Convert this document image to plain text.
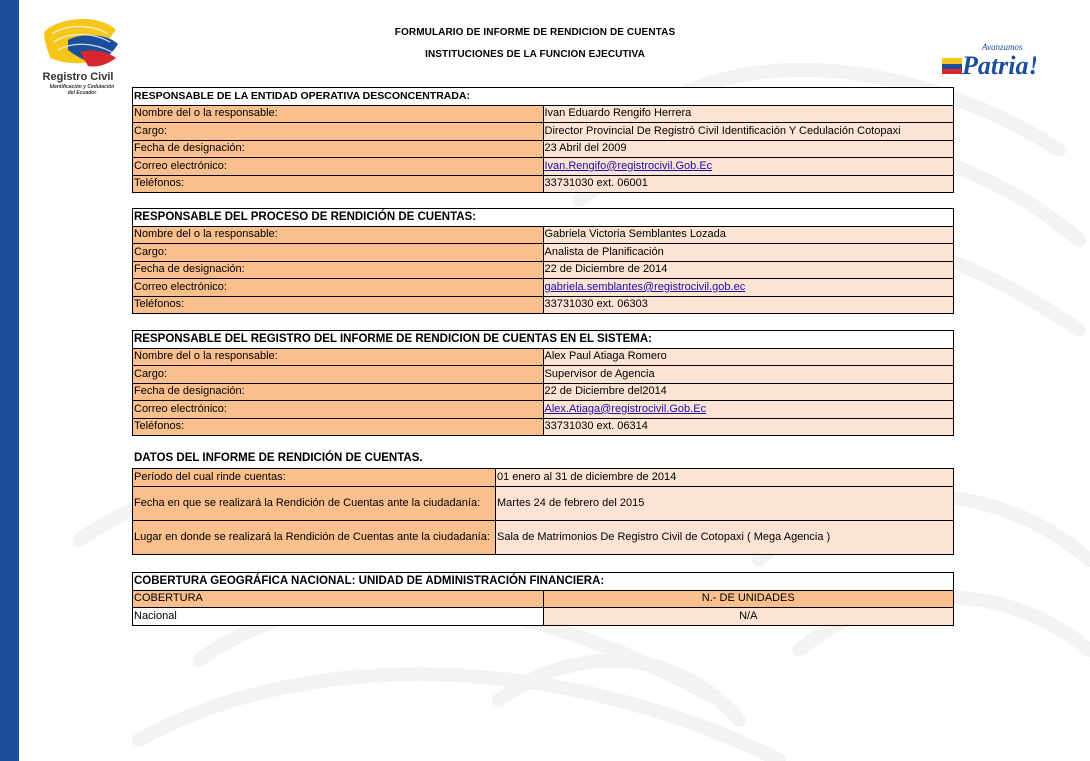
Registro Civil
Identificación y Cedulación
del Ecuador
FORMULARIO DE INFORME DE RENDICION DE CUENTAS
INSTITUCIONES DE LA FUNCION EJECUTIVA
Avanzamos
Patria!
RESPONSABLE DE LA ENTIDAD OPERATIVA DESCONCENTRADA:	
Nombre del o la responsable:	Ivan Eduardo Rengifo Herrera
Cargo:	Director Provincial De Registró Civil Identificación Y Cedulación Cotopaxi
Fecha de designación:	23 Abril del 2009
Correo electrónico:	Ivan.Rengifo@registrocivil.Gob.Ec
Teléfonos:	33731030 ext. 06001
RESPONSABLE DEL PROCESO DE RENDICIÓN DE CUENTAS:	
Nombre del o la responsable:	Gabriela Victoria Semblantes Lozada
Cargo:	Analista de Planificación
Fecha de designación:	22 de Diciembre de 2014
Correo electrónico:	gabriela.semblantes@registrocivil.gob.ec
Teléfonos:	33731030 ext. 06303
RESPONSABLE DEL REGISTRO DEL INFORME DE RENDICION DE CUENTAS EN EL SISTEMA:	
Nombre del o la responsable:	Alex Paul Atiaga Romero
Cargo:	Supervisor de Agencia
Fecha de designación:	22 de Diciembre del2014
Correo electrónico:	Alex.Atiaga@registrocivil.Gob.Ec
Teléfonos:	33731030 ext. 06314
DATOS DEL INFORME DE RENDICIÓN DE CUENTAS.
Período del cual rinde cuentas:	01 enero al 31 de diciembre de 2014
Fecha en que se realizará la Rendición de Cuentas ante la ciudadanía:	Martes 24 de febrero del 2015
Lugar en donde se realizará la Rendición de Cuentas ante la ciudadanía:	Sala de Matrimonios De Registro Civil de Cotopaxi ( Mega Agencia )
COBERTURA GEOGRÁFICA NACIONAL: UNIDAD DE ADMINISTRACIÓN FINANCIERA:	
COBERTURA	N.- DE UNIDADES
Nacional	N/A
